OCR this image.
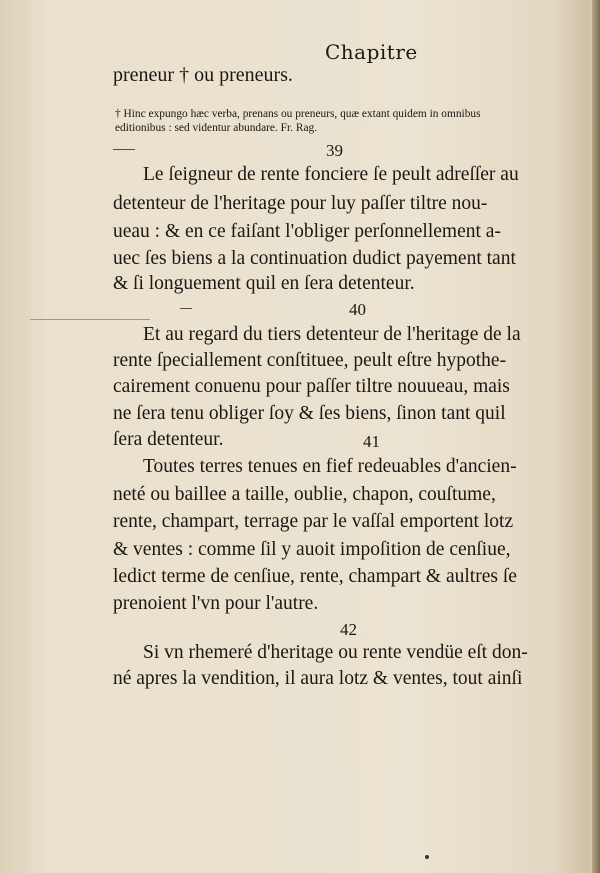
Chapitre
preneur † ou preneurs.
† Hinc expungo hæc verba, prenans ou preneurs, quæ extant quidem in omnibus
editionibus : sed videntur abundare. Fr. Rag.
39
Le ſeigneur de rente fonciere ſe peult adreſſer au
detenteur de l'heritage pour luy paſſer tiltre nou-
ueau : & en ce faiſant l'obliger perſonnellement a-
uec ſes biens a la continuation dudict payement tant
& ſi longuement quil en ſera detenteur.
40
Et au regard du tiers detenteur de l'heritage de la
rente ſpeciallement conſtituee, peult eſtre hypothe-
cairement conuenu pour paſſer tiltre nouueau, mais
ne ſera tenu obliger ſoy & ſes biens, ſinon tant quil
ſera detenteur.	41
Toutes terres tenues en fief redeuables d'ancien-
neté ou baillee a taille, oublie, chapon, couſtume,
rente, champart, terrage par le vaſſal emportent lotz
& ventes : comme ſil y auoit impoſition de cenſiue,
ledict terme de cenſiue, rente, champart & aultres ſe
prenoient l'vn pour l'autre.
42
Si vn rhemeré d'heritage ou rente vendüe eſt don-
né apres la vendition, il aura lotz & ventes, tout ainſi
